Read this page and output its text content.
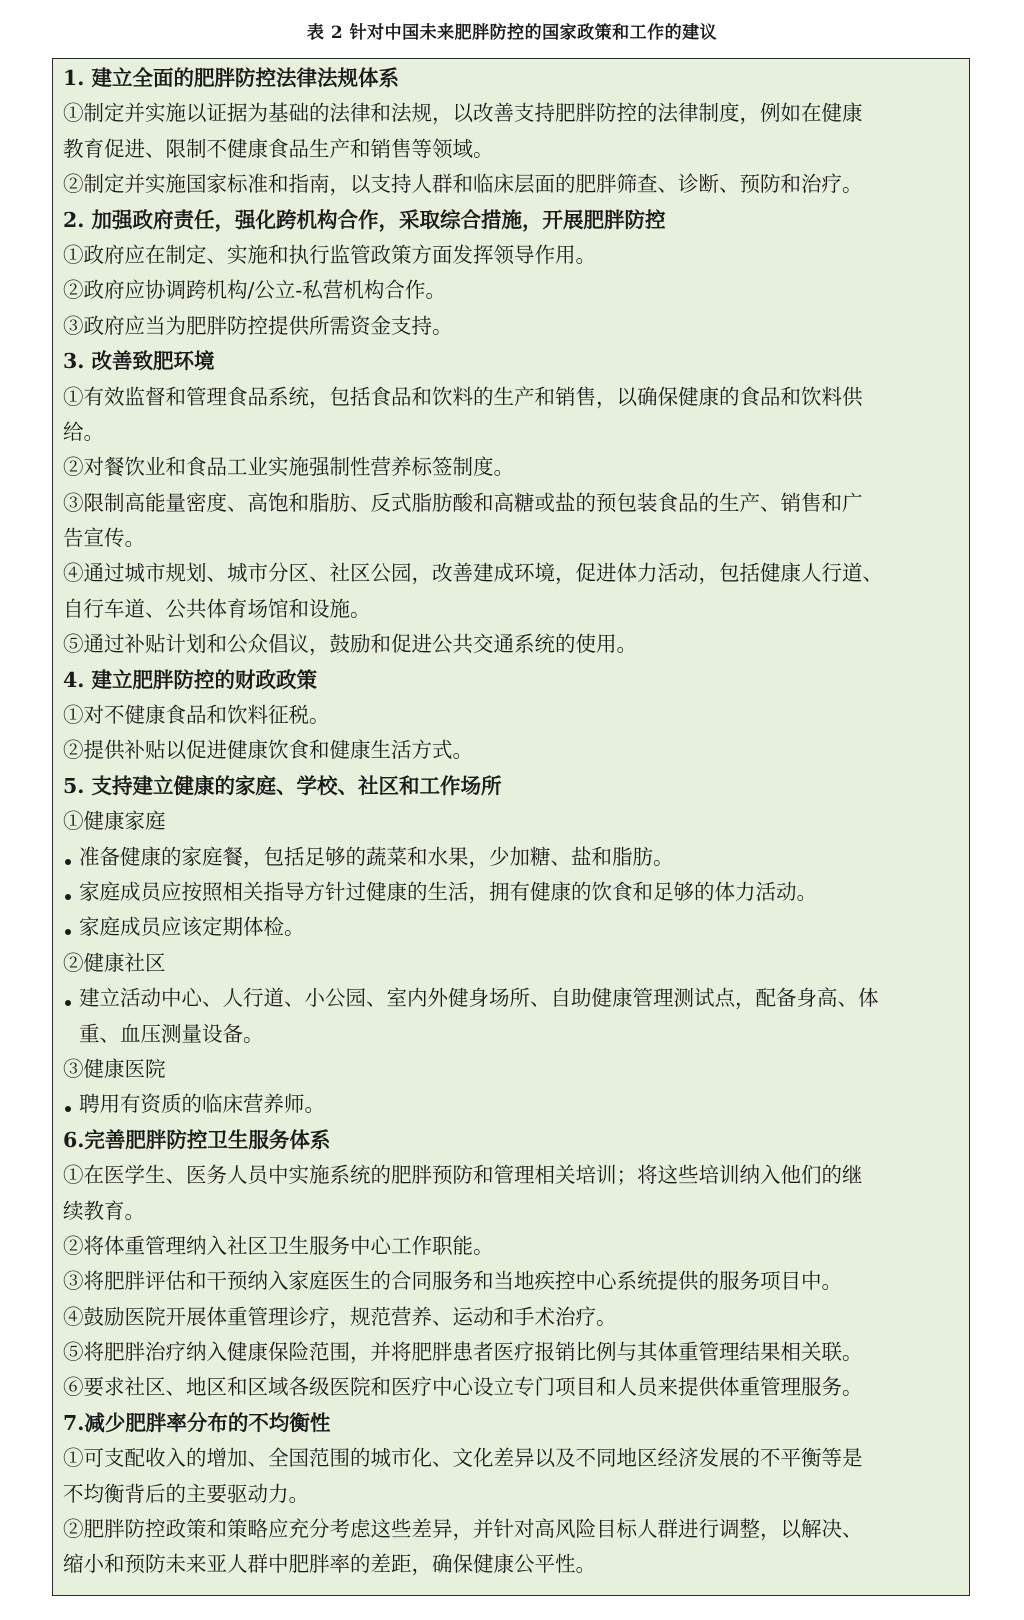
表 2 针对中国未来肥胖防控的国家政策和工作的建议
1. 建立全面的肥胖防控法律法规体系
①制定并实施以证据为基础的法律和法规，以改善支持肥胖防控的法律制度，例如在健康
教育促进、限制不健康食品生产和销售等领域。
②制定并实施国家标准和指南，以支持人群和临床层面的肥胖筛查、诊断、预防和治疗。
2. 加强政府责任，强化跨机构合作，采取综合措施，开展肥胖防控
①政府应在制定、实施和执行监管政策方面发挥领导作用。
②政府应协调跨机构/公立-私营机构合作。
③政府应当为肥胖防控提供所需资金支持。
3. 改善致肥环境
①有效监督和管理食品系统，包括食品和饮料的生产和销售，以确保健康的食品和饮料供
给。
②对餐饮业和食品工业实施强制性营养标签制度。
③限制高能量密度、高饱和脂肪、反式脂肪酸和高糖或盐的预包装食品的生产、销售和广
告宣传。
④通过城市规划、城市分区、社区公园，改善建成环境，促进体力活动，包括健康人行道、
自行车道、公共体育场馆和设施。
⑤通过补贴计划和公众倡议，鼓励和促进公共交通系统的使用。
4. 建立肥胖防控的财政政策
①对不健康食品和饮料征税。
②提供补贴以促进健康饮食和健康生活方式。
5. 支持建立健康的家庭、学校、社区和工作场所
①健康家庭
准备健康的家庭餐，包括足够的蔬菜和水果，少加糖、盐和脂肪。
家庭成员应按照相关指导方针过健康的生活，拥有健康的饮食和足够的体力活动。
家庭成员应该定期体检。
②健康社区
建立活动中心、人行道、小公园、室内外健身场所、自助健康管理测试点，配备身高、体
重、血压测量设备。
③健康医院
聘用有资质的临床营养师。
6.完善肥胖防控卫生服务体系
①在医学生、医务人员中实施系统的肥胖预防和管理相关培训；将这些培训纳入他们的继
续教育。
②将体重管理纳入社区卫生服务中心工作职能。
③将肥胖评估和干预纳入家庭医生的合同服务和当地疾控中心系统提供的服务项目中。
④鼓励医院开展体重管理诊疗，规范营养、运动和手术治疗。
⑤将肥胖治疗纳入健康保险范围，并将肥胖患者医疗报销比例与其体重管理结果相关联。
⑥要求社区、地区和区域各级医院和医疗中心设立专门项目和人员来提供体重管理服务。
7.减少肥胖率分布的不均衡性
①可支配收入的增加、全国范围的城市化、文化差异以及不同地区经济发展的不平衡等是
不均衡背后的主要驱动力。
②肥胖防控政策和策略应充分考虑这些差异，并针对高风险目标人群进行调整，以解决、
缩小和预防未来亚人群中肥胖率的差距，确保健康公平性。
